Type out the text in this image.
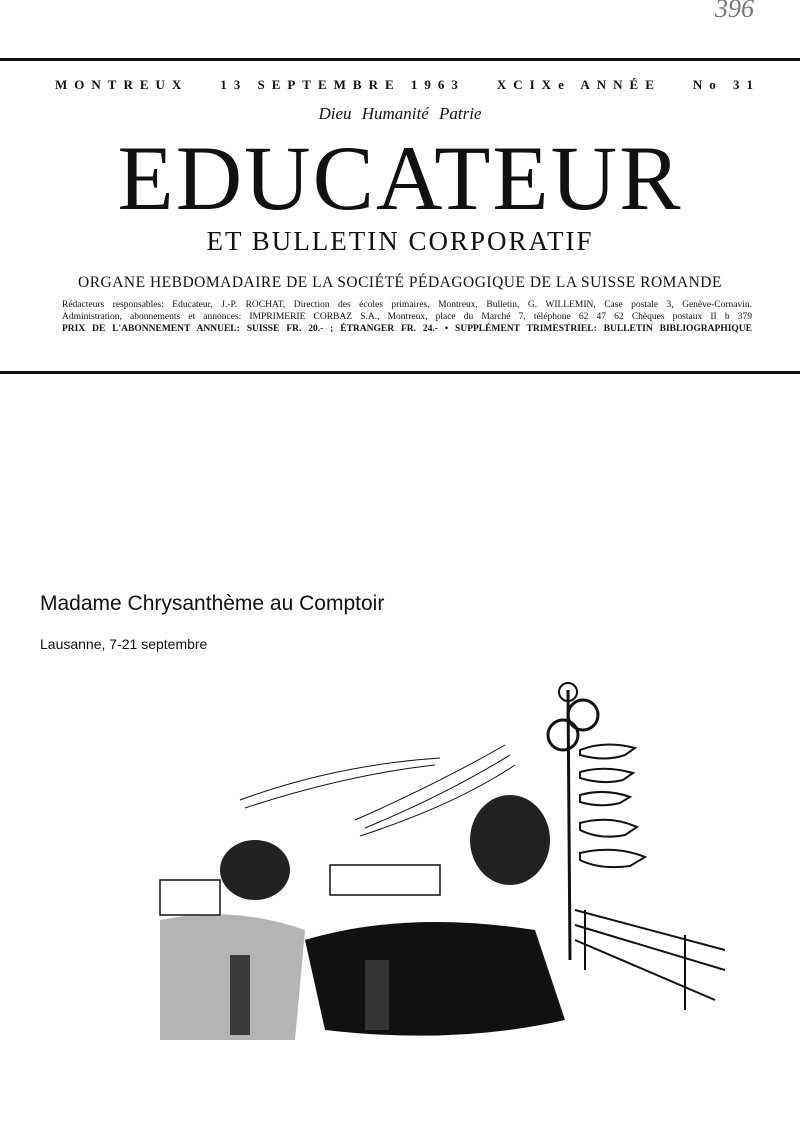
396
MONTREUX 13 SEPTEMBRE 1963 XCIXe ANNÉE No 31
Dieu Humanité Patrie
EDUCATEUR
ET BULLETIN CORPORATIF
ORGANE HEBDOMADAIRE DE LA SOCIÉTÉ PÉDAGOGIQUE DE LA SUISSE ROMANDE
Rédacteurs responsables: Educateur, J.-P. ROCHAT, Direction des écoles primaires, Montreux, Bulletin, G. WILLEMIN, Case postale 3, Genève-Cornavin.
Administration, abonnements et annonces: IMPRIMERIE CORBAZ S.A., Montreux, place du Marché 7, téléphone 62 47 62 Chèques postaux II b 379
PRIX DE L'ABONNEMENT ANNUEL: SUISSE FR. 20.- ; ÉTRANGER FR. 24.- • SUPPLÉMENT TRIMESTRIEL: BULLETIN BIBLIOGRAPHIQUE
Madame Chrysanthème au Comptoir
Lausanne, 7-21 septembre
